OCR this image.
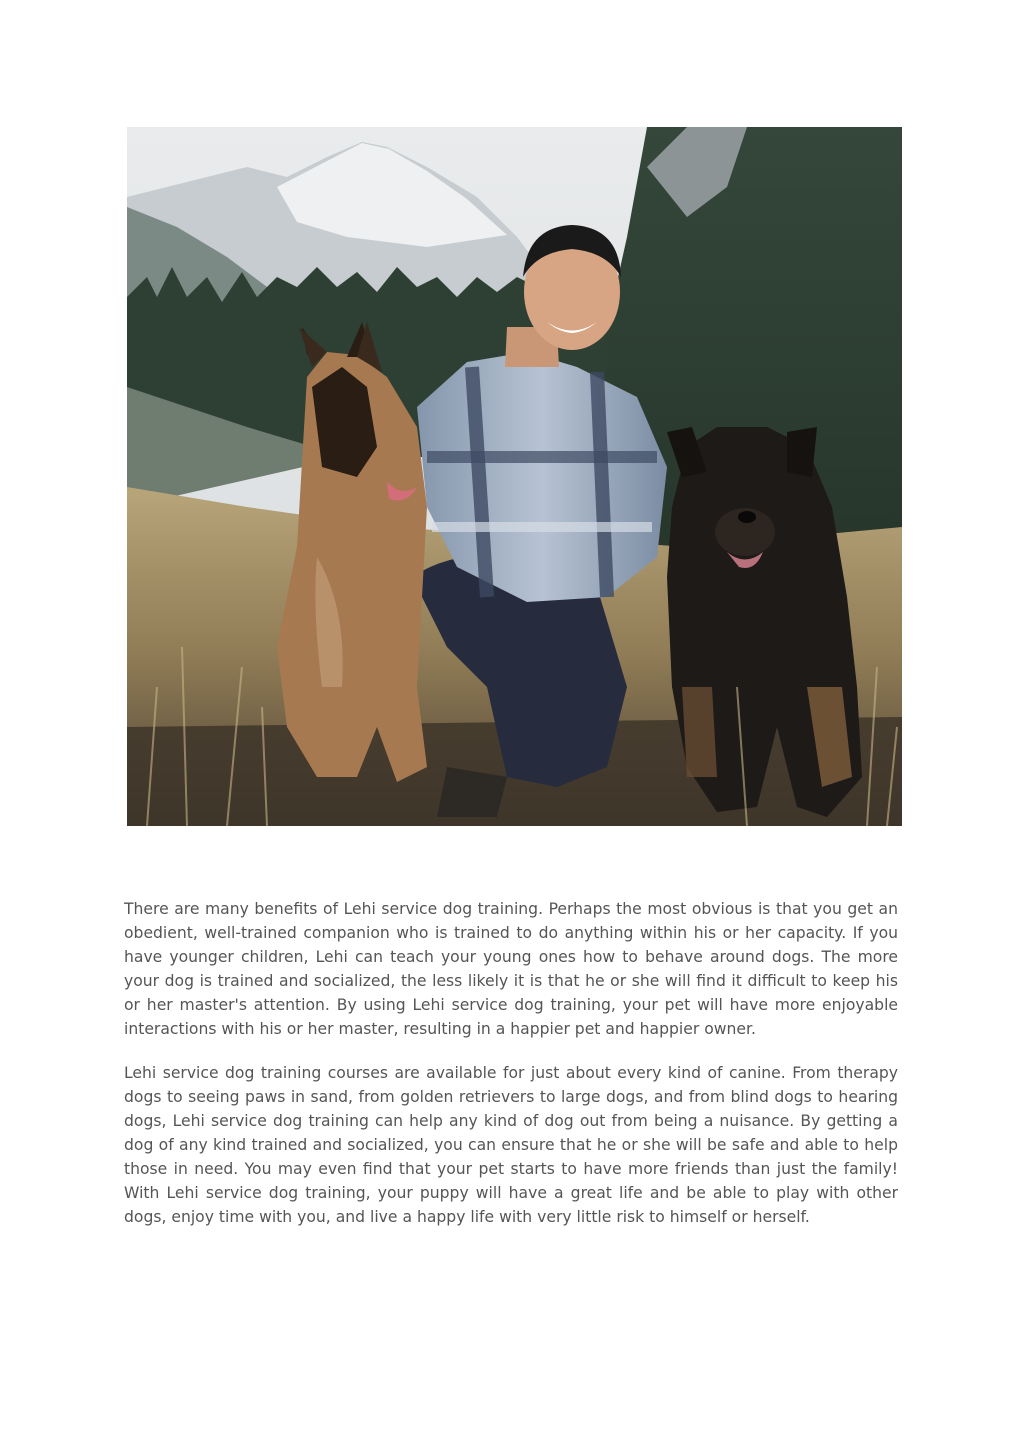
There are many benefits of Lehi service dog training. Perhaps the most obvious is that you get an obedient, well-trained companion who is trained to do anything within his or her capacity. If you have younger children, Lehi can teach your young ones how to behave around dogs. The more your dog is trained and socialized, the less likely it is that he or she will find it difficult to keep his or her master's attention. By using Lehi service dog training, your pet will have more enjoyable interactions with his or her master, resulting in a happier pet and happier owner.

Lehi service dog training courses are available for just about every kind of canine. From therapy dogs to seeing paws in sand, from golden retrievers to large dogs, and from blind dogs to hearing dogs, Lehi service dog training can help any kind of dog out from being a nuisance. By getting a dog of any kind trained and socialized, you can ensure that he or she will be safe and able to help those in need. You may even find that your pet starts to have more friends than just the family! With Lehi service dog training, your puppy will have a great life and be able to play with other dogs, enjoy time with you, and live a happy life with very little risk to himself or herself.
